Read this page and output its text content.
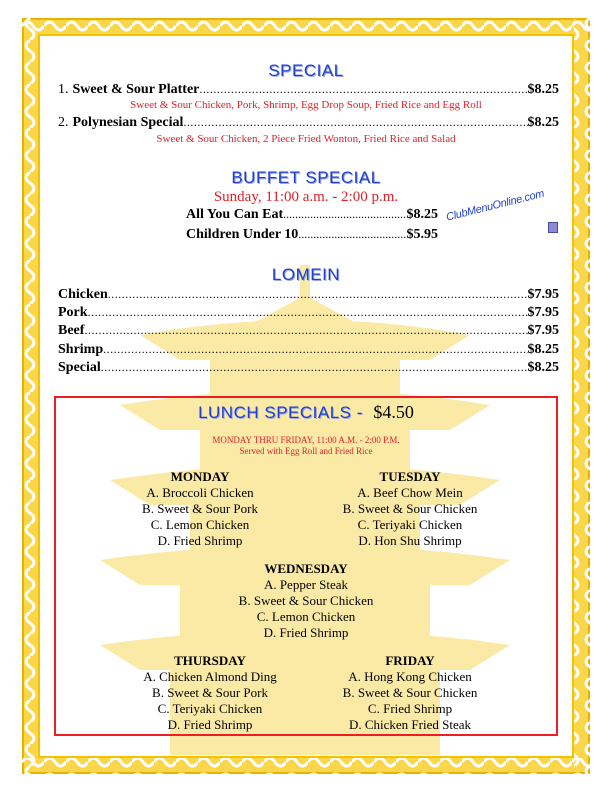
SPECIAL
1. Sweet & Sour Platter .....	$8.25
Sweet & Sour Chicken, Pork, Shrimp, Egg Drop Soup, Fried Rice and Egg Roll
2. Polynesian Special .....	$8.25
Sweet & Sour Chicken, 2 Piece Fried Wonton, Fried Rice and Salad
BUFFET SPECIAL
Sunday, 11:00 a.m. - 2:00 p.m.
All You Can Eat .....	$8.25
Children Under 10 .....	$5.95
ClubMenuOnline.com
LOMEIN
Chicken .....	$7.95
Pork .....	$7.95
Beef .....	$7.95
Shrimp .....	$8.25
Special .....	$8.25
LUNCH SPECIALS - $4.50
MONDAY THRU FRIDAY, 11:00 A.M. - 2:00 P.M.
Served with Egg Roll and Fried Rice
MONDAY
A. Broccoli Chicken
B. Sweet & Sour Pork
C. Lemon Chicken
D. Fried Shrimp
TUESDAY
A. Beef Chow Mein
B. Sweet & Sour Chicken
C. Teriyaki Chicken
D. Hon Shu Shrimp
WEDNESDAY
A. Pepper Steak
B. Sweet & Sour Chicken
C. Lemon Chicken
D. Fried Shrimp
THURSDAY
A. Chicken Almond Ding
B. Sweet & Sour Pork
C. Teriyaki Chicken
D. Fried Shrimp
FRIDAY
A. Hong Kong Chicken
B. Sweet & Sour Chicken
C. Fried Shrimp
D. Chicken Fried Steak
